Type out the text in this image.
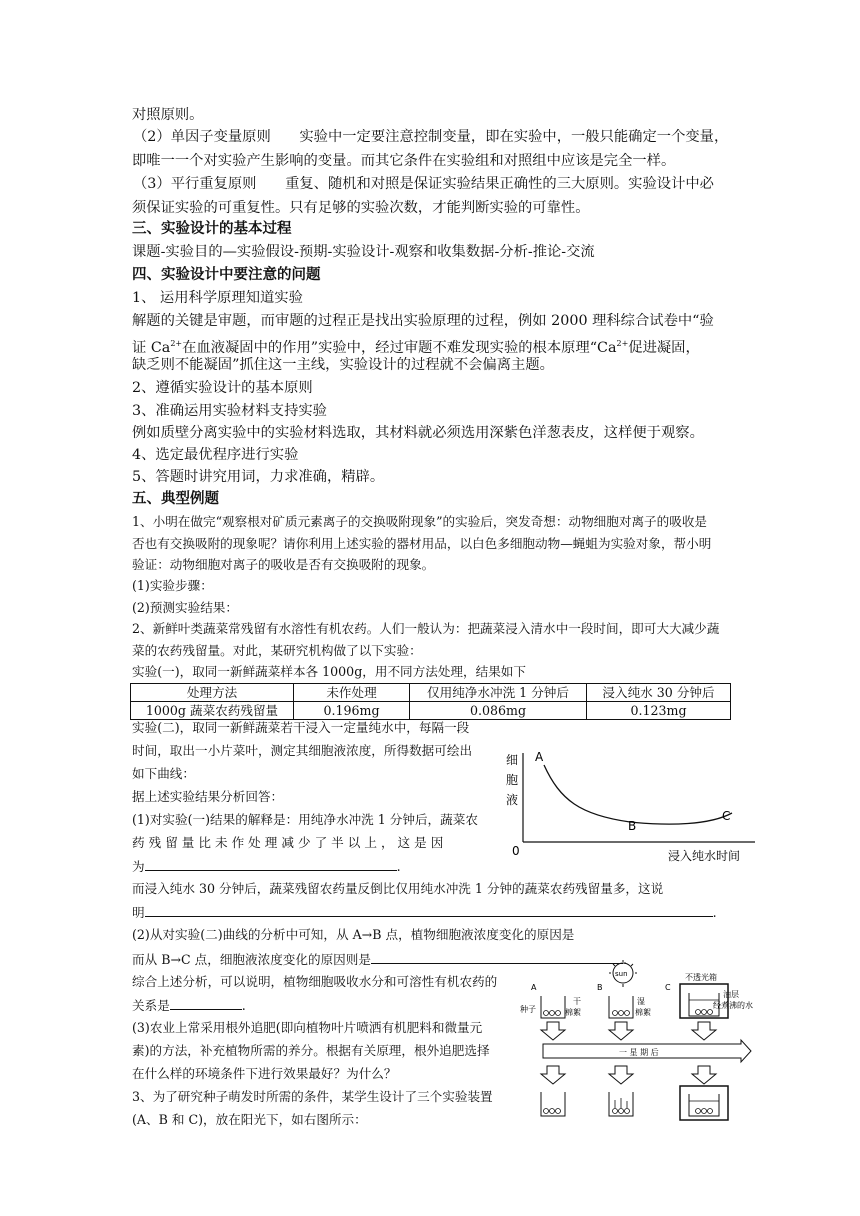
对照原则。
（2）单因子变量原则　　实验中一定要注意控制变量，即在实验中，一般只能确定一个变量，
即唯一一个对实验产生影响的变量。而其它条件在实验组和对照组中应该是完全一样。
（3）平行重复原则　　重复、随机和对照是保证实验结果正确性的三大原则。实验设计中必
须保证实验的可重复性。只有足够的实验次数，才能判断实验的可靠性。
三、实验设计的基本过程
课题-实验目的—实验假设-预期-实验设计-观察和收集数据-分析-推论-交流
四、实验设计中要注意的问题
1、 运用科学原理知道实验
解题的关键是审题，而审题的过程正是找出实验原理的过程，例如 2000 理科综合试卷中“验
证 $Ca^{2+}$在血液凝固中的作用”实验中，经过审题不难发现实验的根本原理“$Ca^{2+}$促进凝固，
缺乏则不能凝固”抓住这一主线，实验设计的过程就不会偏离主题。
2、遵循实验设计的基本原则
3、准确运用实验材料支持实验
例如质壁分离实验中的实验材料选取，其材料就必须选用深紫色洋葱表皮，这样便于观察。
4、选定最优程序进行实验
5、答题时讲究用词，力求准确，精辟。
五、典型例题
1、小明在做完“观察根对矿质元素离子的交换吸附现象”的实验后，突发奇想：动物细胞对离子的吸收是
否也有交换吸附的现象呢？请你利用上述实验的器材用品，以白色多细胞动物—蝇蛆为实验对象，帮小明
验证：动物细胞对离子的吸收是否有交换吸附的现象。
(1)实验步骤：
(2)预测实验结果：
2、新鲜叶类蔬菜常残留有水溶性有机农药。人们一般认为：把蔬菜浸入清水中一段时间，即可大大减少蔬
菜的农药残留量。对此，某研究机构做了以下实验：
实验(一)，取同一新鲜蔬菜样本各 1000g，用不同方法处理，结果如下
处理方法	未作处理	仅用纯净水冲洗 1 分钟后	浸入纯水 30 分钟后
1000g 蔬菜农药残留量	0.196mg	0.086mg	0.123mg
实验(二)，取同一新鲜蔬菜若干浸入一定量纯水中，每隔一段
时间，取出一小片菜叶，测定其细胞液浓度，所得数据可绘出
如下曲线：
据上述实验结果分析回答：
(1)对实验(一)结果的解释是：用纯净水冲洗 1 分钟后，蔬菜农
药 残 留 量 比 未 作 处 理 减 少 了 半 以 上 ， 这 是 因
为	.
而浸入纯水 30 分钟后，蔬菜残留农药量反倒比仅用纯水冲洗 1 分钟的蔬菜农药残留量多，这说
明	.
(2)从对实验(二)曲线的分析中可知，从 A→B 点，植物细胞液浓度变化的原因是
而从 B→C 点，细胞液浓度变化的原因则是	.
综合上述分析，可以说明，植物细胞吸收水分和可溶性有机农药的
关系是	.
(3)农业上常采用根外追肥(即向植物叶片喷洒有机肥料和微量元
素)的方法，补充植物所需的养分。根据有关原理，根外追肥选择
在什么样的环境条件下进行效果最好？为什么？
3、为了研究种子萌发时所需的条件，某学生设计了三个实验装置
(A、B 和 C)，放在阳光下，如右图所示：
细
胞
液
0	浸入纯水时间
A
B
C
sun
A	B	C
不透光箱
种子
干
棉絮
湿
棉絮
油层
经煮沸的水
一 星 期 后
